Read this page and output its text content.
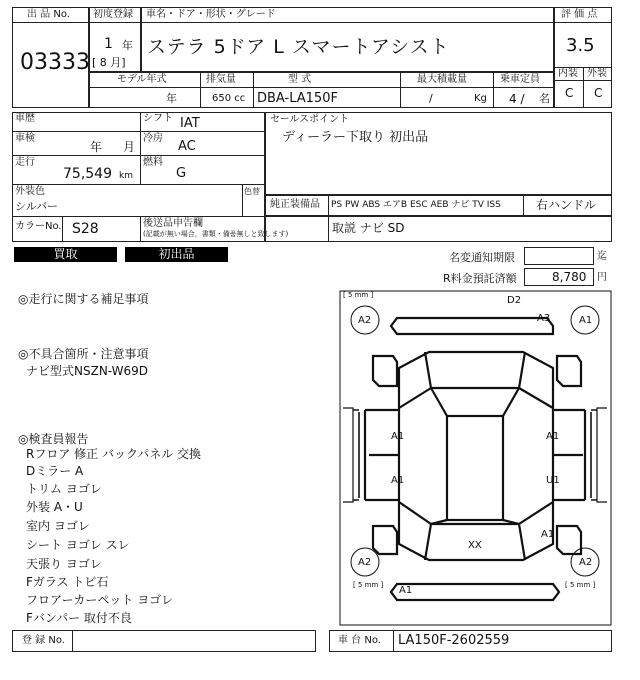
出 品 No.
03333
初度登録
1 年
[ 8 月]
車名・ドア・形状・グレード
ステラ 5ドア L スマートアシスト
評 価 点
3.5
内装 外装
C C
モデル年式	排気量	型 式	最大積載量	乗車定員
年	650 cc DBA-LA150F	/	Kg 4 / 名
車歴	シフト IAT
車検
年 月
冷房
AC
走行
75,549 km
燃料
G
外装色
シルバー
色替
カラーNo. S28	後送品申告欄
(記載が無い場合，書類・備품無しと致します)
セールスポイント
ディーラー下取り 初出品
純正装備品 PS PW ABS エアB ESC AEB ナビ TV ISS	右ハンドル
取説 ナビ SD
買取	初出品	名変通知期限	迄
R料金預託済額	8,780 円
◎走行に関する補足事項
◎不具合箇所・注意事項
ナビ型式NSZN-W69D
◎検査員報告
Rフロア 修正 バックパネル 交換
Dミラー A
トリム ヨゴレ
外装 A・U
室内 ヨゴレ
シート ヨゴレ スレ
天張り ヨゴレ
Fガラス トビ石
フロアーカーペット ヨゴレ
Fバンパー 取付不良
[ 5 mm ]
[ 5 mm ]	[ 5 mm ]
A2	A1
A2	A2
D2
A3
A1	A1
A1	U1
A1
XX
A1
登 録 No.	車 台 No. LA150F-2602559
